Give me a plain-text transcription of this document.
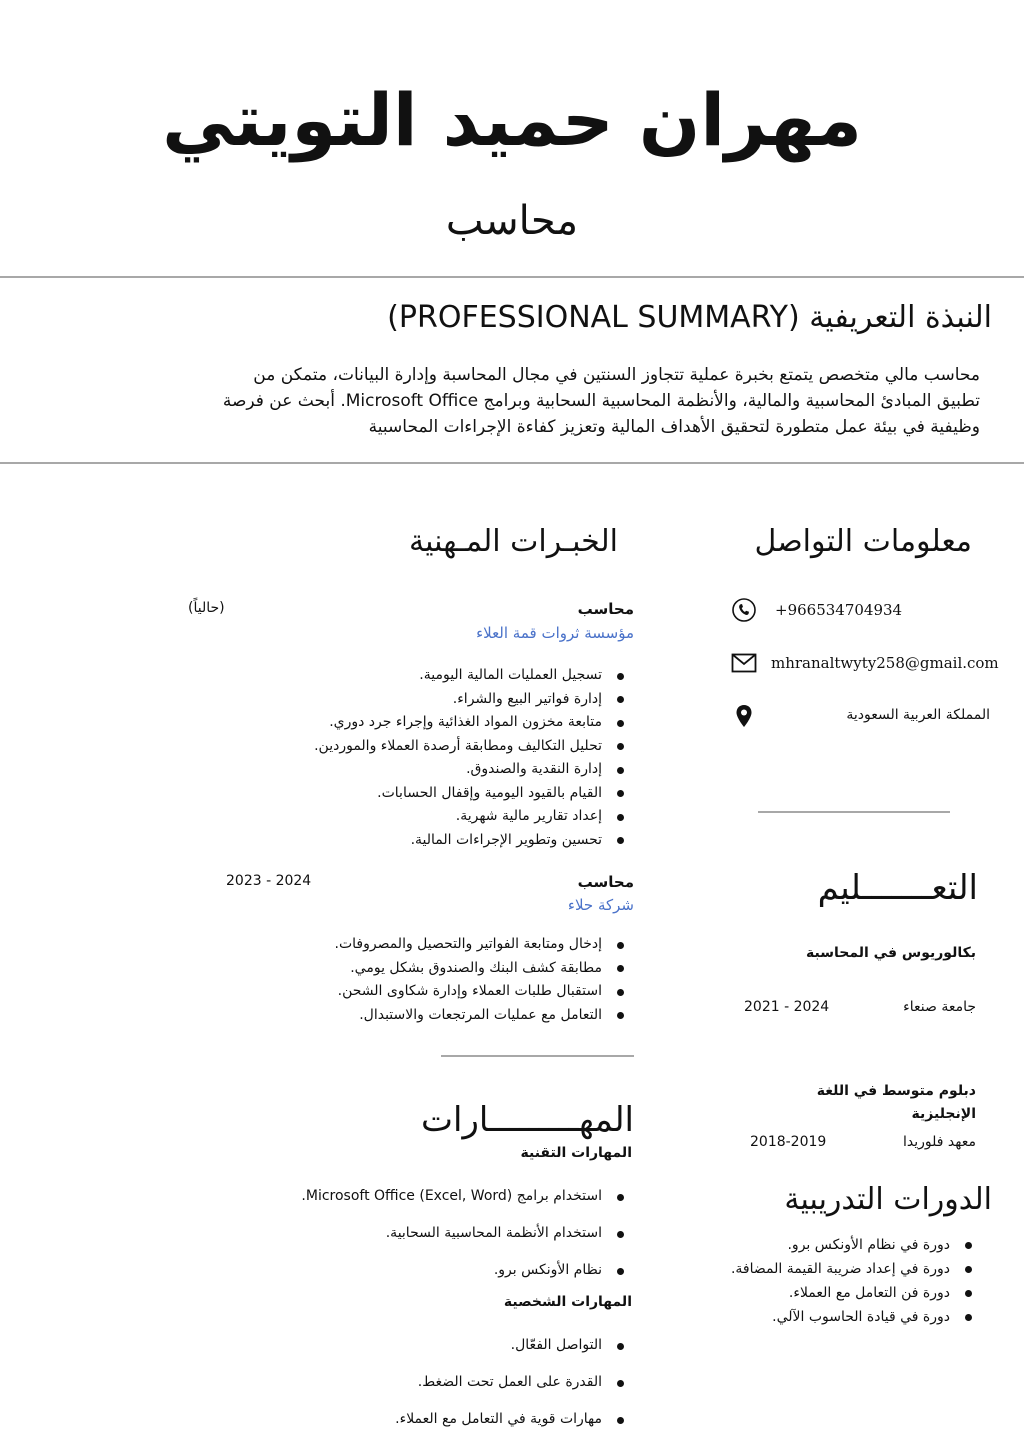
مهران حميد التويتي
محاسب
النبذة التعريفية (PROFESSIONAL SUMMARY)
محاسب مالي متخصص يتمتع بخبرة عملية تتجاوز السنتين في مجال المحاسبة وإدارة البيانات، متمكن من
تطبيق المبادئ المحاسبية والمالية، والأنظمة المحاسبية السحابية وبرامج Microsoft Office. أبحث عن فرصة
وظيفية في بيئة عمل متطورة لتحقيق الأهداف المالية وتعزيز كفاءة الإجراءات المحاسبية
معلومات التواصل
+966534704934
mhranaltwyty258@gmail.com
المملكة العربية السعودية
التعـــــــليم
بكالوريوس في المحاسبة
جامعة صنعاء
2021 - 2024
دبلوم متوسط في اللغة
الإنجليزية
معهد فلوريدا
2018-2019
الدورات التدريبية
دورة في نظام الأونكس برو.
دورة في إعداد ضريبة القيمة المضافة.
دورة فن التعامل مع العملاء.
دورة في قيادة الحاسوب الآلي.
الخبـرات المـهنية
محاسب
(حالياً)
مؤسسة ثروات قمة العلاء
تسجيل العمليات المالية اليومية.
إدارة فواتير البيع والشراء.
متابعة مخزون المواد الغذائية وإجراء جرد دوري.
تحليل التكاليف ومطابقة أرصدة العملاء والموردين.
إدارة النقدية والصندوق.
القيام بالقيود اليومية وإقفال الحسابات.
إعداد تقارير مالية شهرية.
تحسين وتطوير الإجراءات المالية.
محاسب
2023 - 2024
شركة حلاء
إدخال ومتابعة الفواتير والتحصيل والمصروفات.
مطابقة كشف البنك والصندوق بشكل يومي.
استقبال طلبات العملاء وإدارة شكاوى الشحن.
التعامل مع عمليات المرتجعات والاستبدال.
المهـــــــــارات
المهارات التقنية
استخدام برامج Microsoft Office (Excel, Word).
استخدام الأنظمة المحاسبية السحابية.
نظام الأونكس برو.
المهارات الشخصية
التواصل الفعّال.
القدرة على العمل تحت الضغط.
مهارات قوية في التعامل مع العملاء.
